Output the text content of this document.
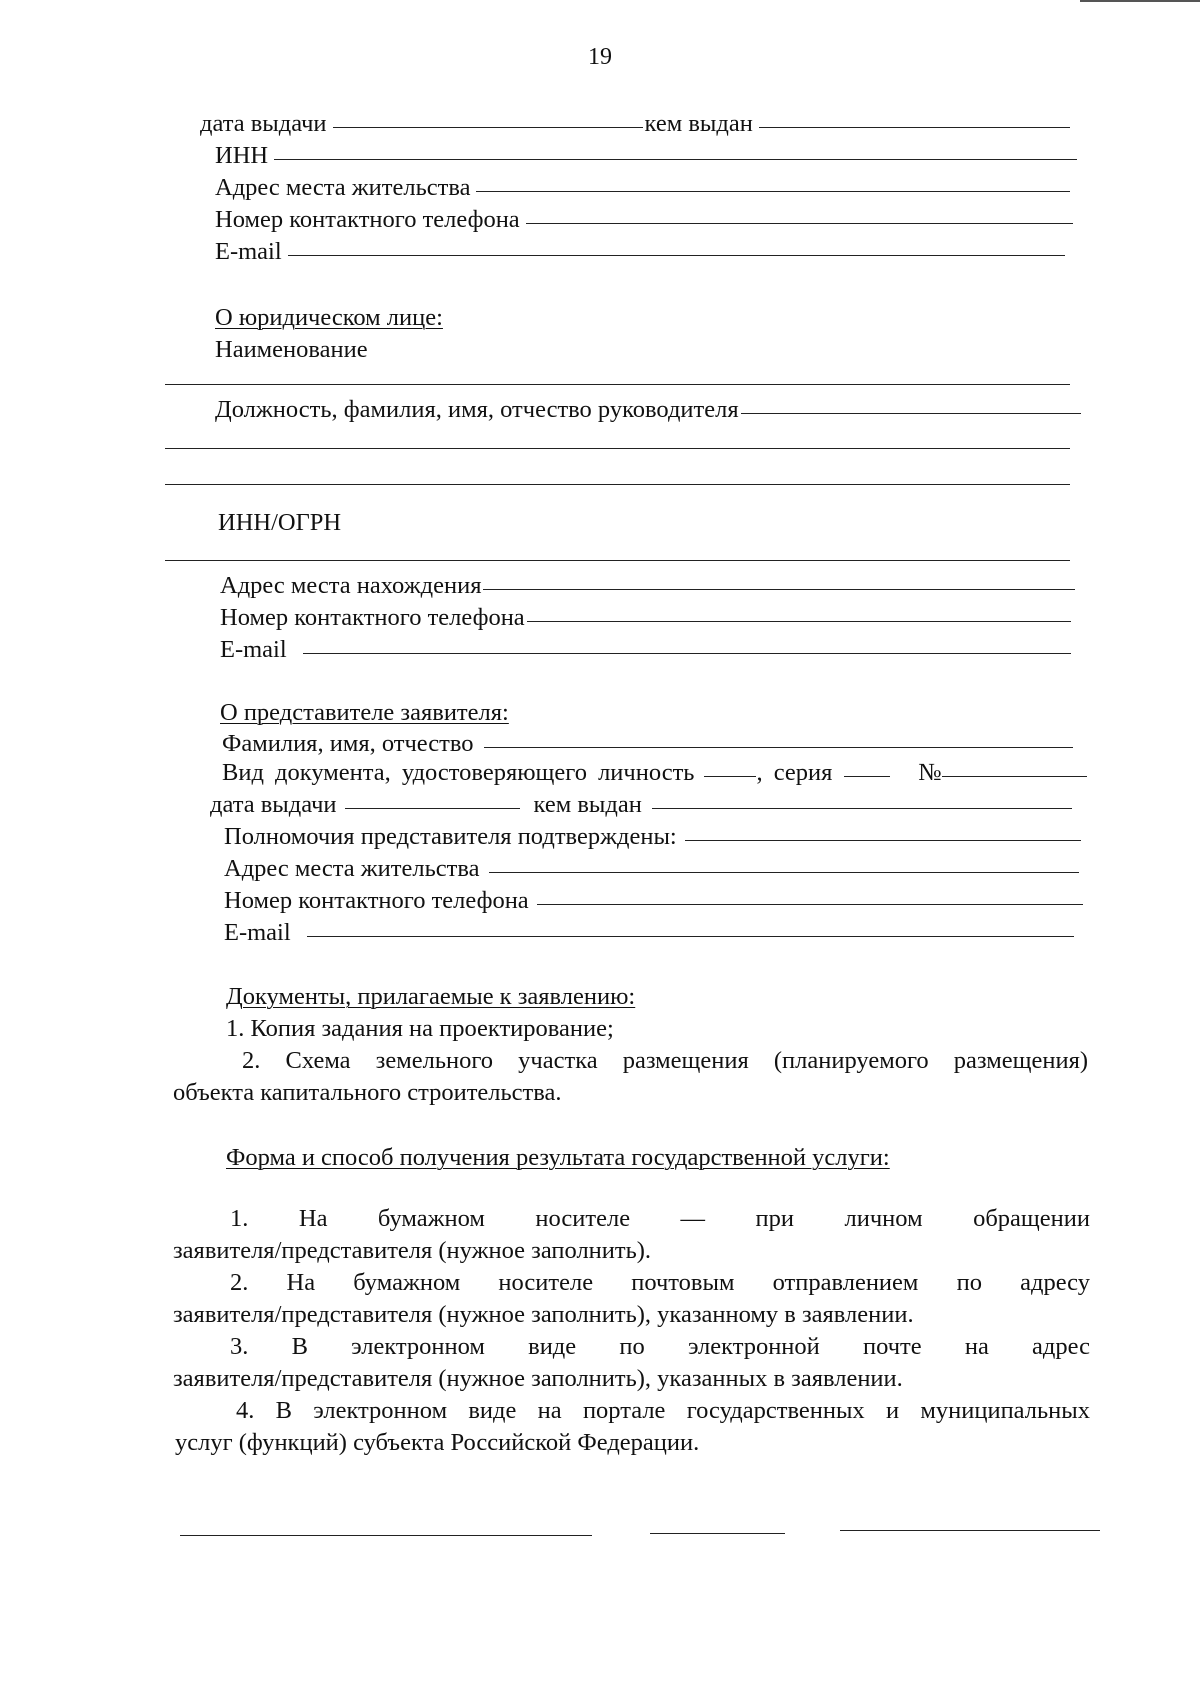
19
дата выдачи	кем выдан
ИНН
Адрес места жительства
Номер контактного телефона
E-mail
О юридическом лице:
Наименование
Должность, фамилия, имя, отчество руководителя
ИНН/ОГРН
Адрес места нахождения
Номер контактного телефона
E-mail
О представителе заявителя:
Фамилия, имя, отчество
Вид документа, удостоверяющего личность	, серия	№
дата выдачи	кем выдан
Полномочия представителя подтверждены:
Адрес места жительства
Номер контактного телефона
E-mail
Документы, прилагаемые к заявлению:
1. Копия задания на проектирование;
2. Схема земельного участка размещения (планируемого размещения)
объекта капитального строительства.
Форма и способ получения результата государственной услуги:
1. На бумажном носителе — при личном обращении
заявителя/представителя (нужное заполнить).
2. На бумажном носителе почтовым отправлением по адресу
заявителя/представителя (нужное заполнить), указанному в заявлении.
3. В электронном виде по электронной почте на адрес
заявителя/представителя (нужное заполнить), указанных в заявлении.
4. В электронном виде на портале государственных и муниципальных
услуг (функций) субъекта Российской Федерации.
